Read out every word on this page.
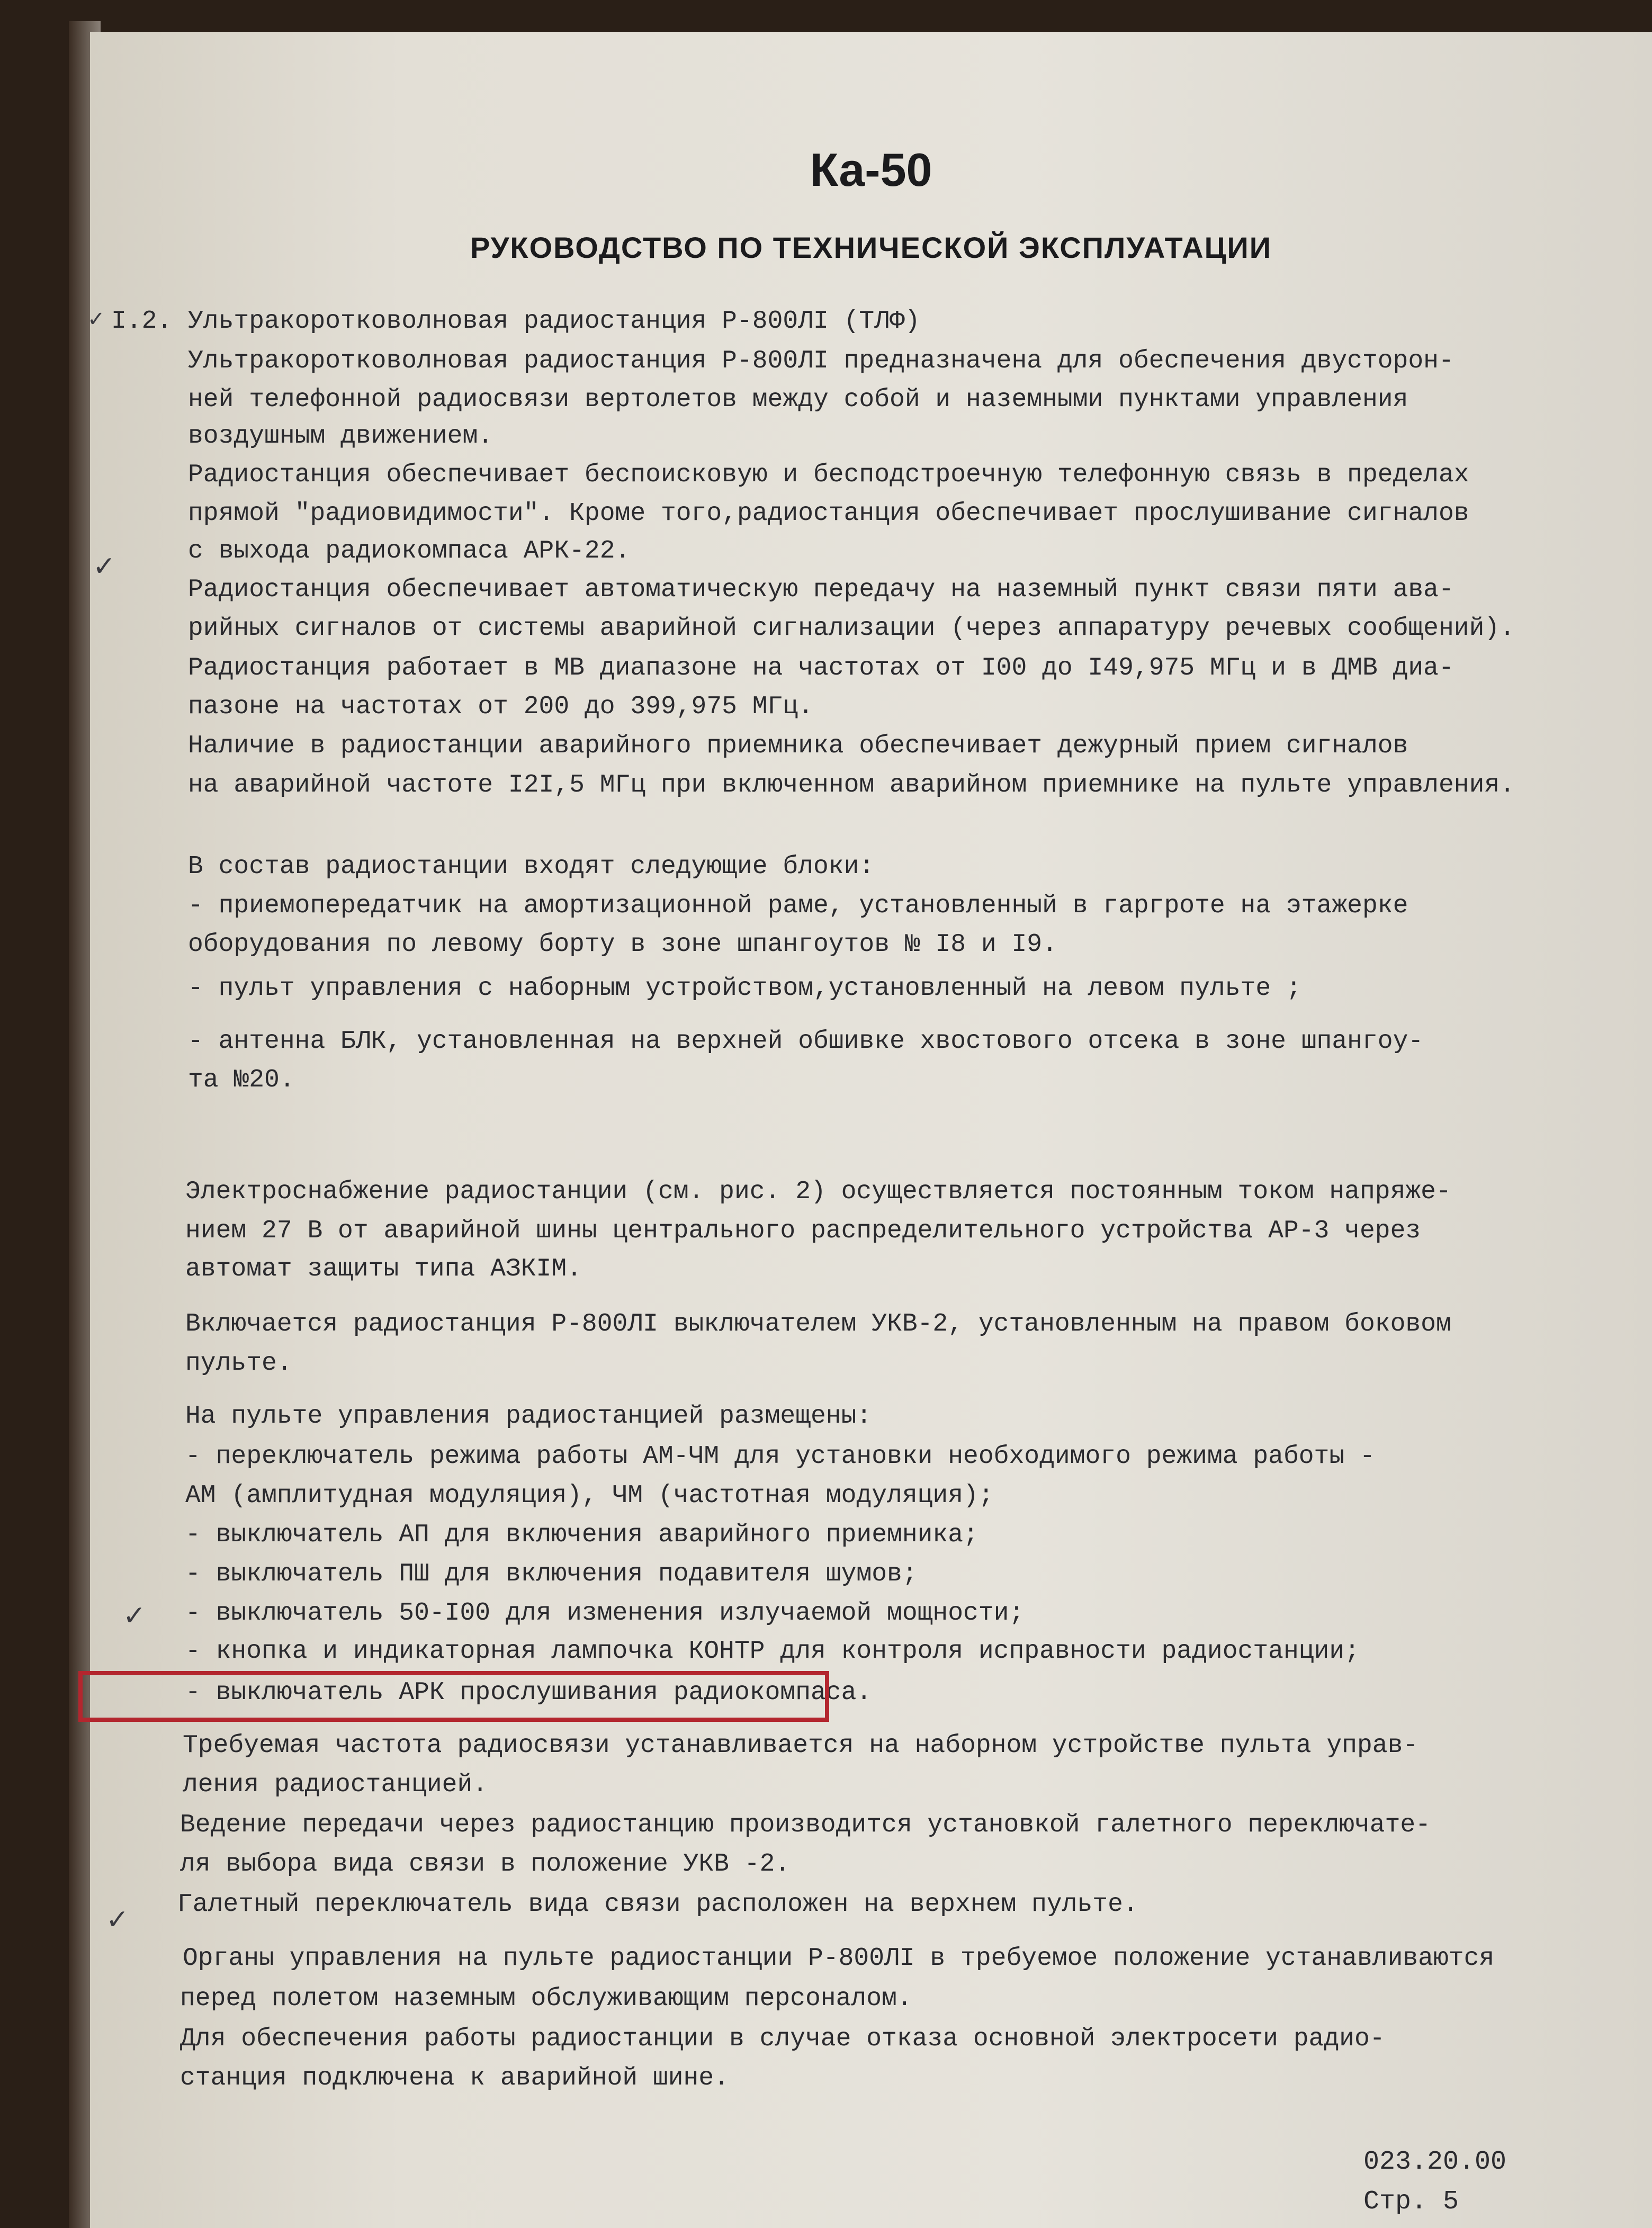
Ка-50
РУКОВОДСТВО ПО ТЕХНИЧЕСКОЙ ЭКСПЛУАТАЦИИ
I.2.
✓
✓
✓
✓	Ультракоротковолновая радиостанция Р-800ЛI (ТЛФ)
Ультракоротковолновая радиостанция Р-800ЛI предназначена для обеспечения двусторон-
ней телефонной радиосвязи вертолетов между собой и наземными пунктами управления
воздушным движением.
Радиостанция обеспечивает беспоисковую и бесподстроечную телефонную связь в пределах
прямой "радиовидимости". Кроме того,радиостанция обеспечивает прослушивание сигналов
с выхода радиокомпаса АРК-22.
Радиостанция обеспечивает автоматическую передачу на наземный пункт связи пяти ава-
рийных сигналов от системы аварийной сигнализации (через аппаратуру речевых сообщений).
Радиостанция работает в МВ диапазоне на частотах от I00 до I49,975 МГц и в ДМВ диа-
пазоне на частотах от 200 до 399,975 МГц.
Наличие в радиостанции аварийного приемника обеспечивает дежурный прием сигналов
на аварийной частоте I2I,5 МГц при включенном аварийном приемнике на пульте управления.
В состав радиостанции входят следующие блоки:
- приемопередатчик на амортизационной раме, установленный в гаргроте на этажерке
оборудования по левому борту в зоне шпангоутов № I8 и I9.
- пульт управления с наборным устройством,установленный на левом пульте ;
- антенна БЛК, установленная на верхней обшивке хвостового отсека в зоне шпангоу-
та №20.
Электроснабжение радиостанции (см. рис. 2) осуществляется постоянным током напряже-
нием 27 В от аварийной шины центрального распределительного устройства АР-3 через
автомат защиты типа АЗКIМ.
Включается радиостанция Р-800ЛI выключателем УКВ-2, установленным на правом боковом
пульте.
На пульте управления радиостанцией размещены:
- переключатель режима работы АМ-ЧМ для установки необходимого режима работы -
АМ (амплитудная модуляция), ЧМ (частотная модуляция);
- выключатель АП для включения аварийного приемника;
- выключатель ПШ для включения подавителя шумов;
- выключатель 50-I00 для изменения излучаемой мощности;
- кнопка и индикаторная лампочка КОНТР для контроля исправности радиостанции;
- выключатель АРК прослушивания радиокомпаса.
Требуемая частота радиосвязи устанавливается на наборном устройстве пульта управ-
ления радиостанцией.
Ведение передачи через радиостанцию производится установкой галетного переключате-
ля выбора вида связи в положение УКВ -2.
Галетный переключатель вида связи расположен на верхнем пульте.
Органы управления на пульте радиостанции Р-800ЛI в требуемое положение устанавливаются
перед полетом наземным обслуживающим персоналом.
Для обеспечения работы радиостанции в случае отказа основной электросети радио-
станция подключена к аварийной шине.
023.20.00
Стр. 5
